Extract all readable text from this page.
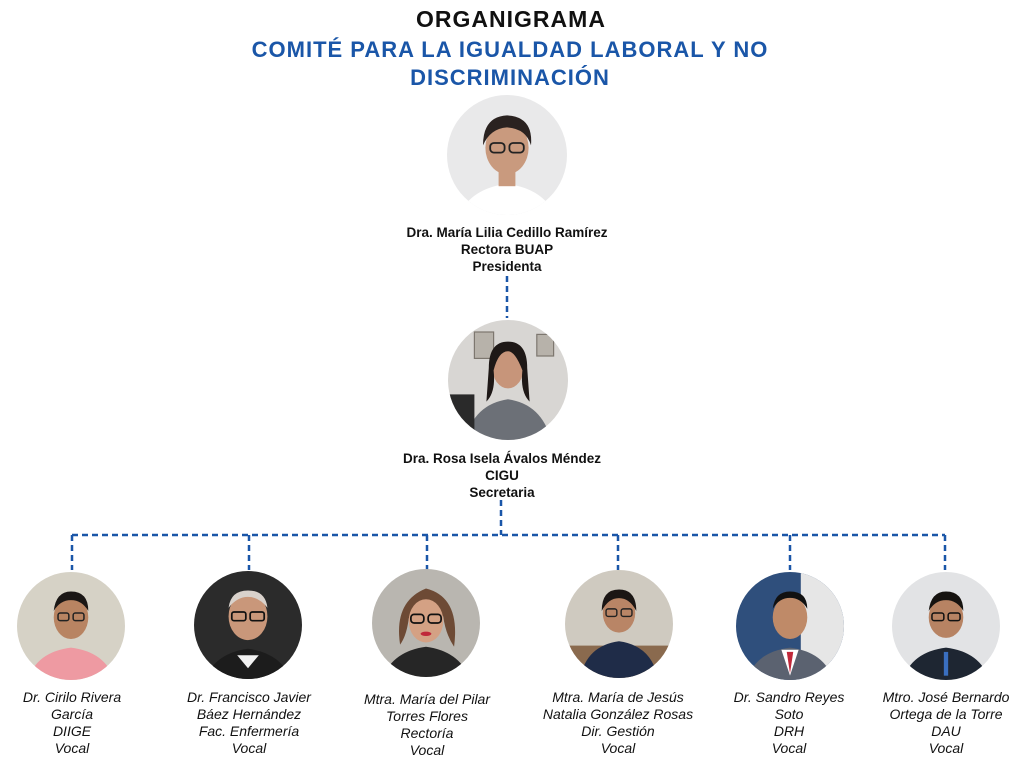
ORGANIGRAMA
COMITÉ PARA LA IGUALDAD LABORAL Y NO DISCRIMINACIÓN
Dra. María Lilia Cedillo Ramírez
Rectora BUAP
Presidenta
Dra. Rosa Isela Ávalos Méndez
CIGU
Secretaria
Dr. Cirilo Rivera
García
DIIGE
Vocal
Dr. Francisco Javier
Báez Hernández
Fac. Enfermería
Vocal
Mtra. María del Pilar
Torres Flores
Rectoría
Vocal
Mtra. María de Jesús
Natalia González Rosas
Dir. Gestión
Vocal
Dr. Sandro Reyes
Soto
DRH
Vocal
Mtro. José Bernardo
Ortega de la Torre
DAU
Vocal
